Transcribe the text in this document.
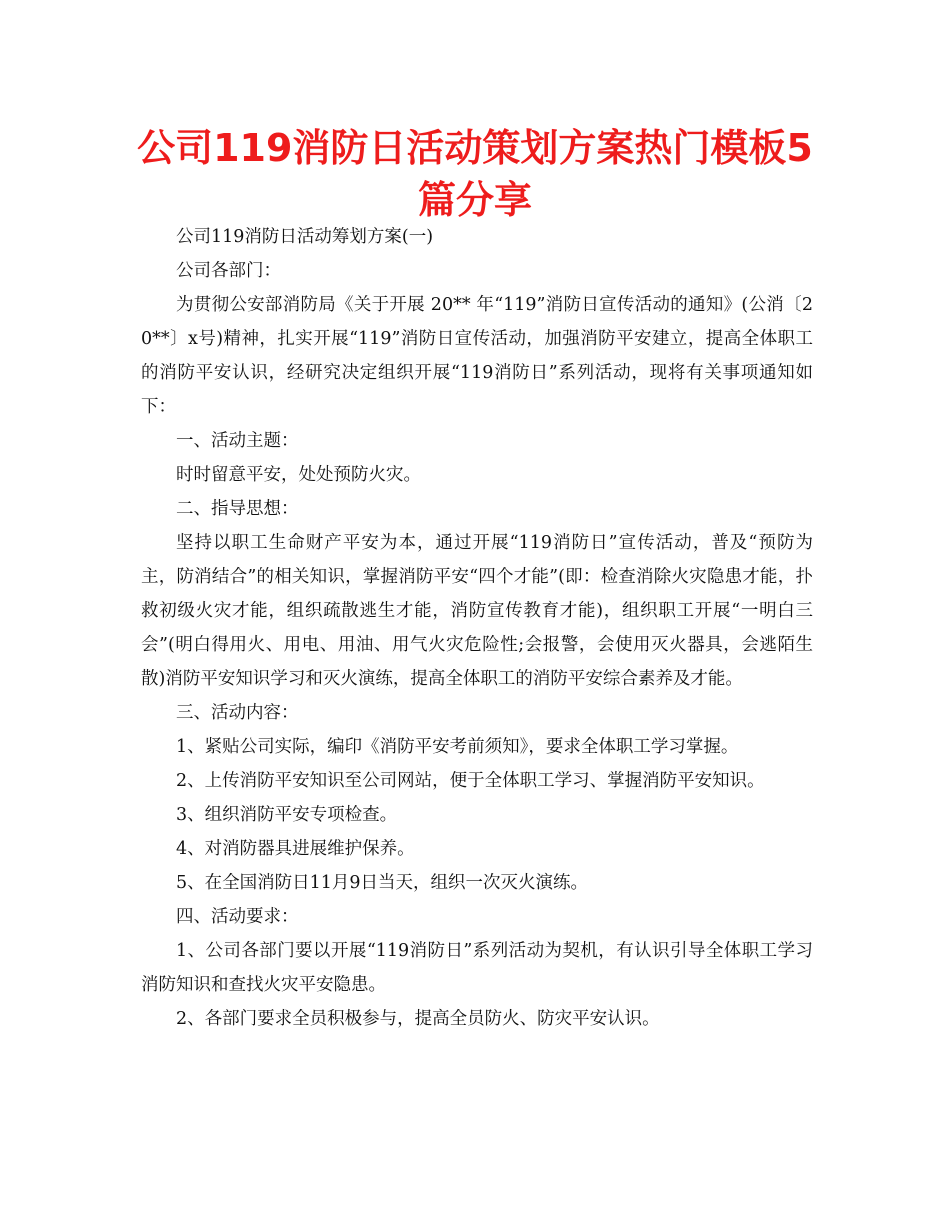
公司119消防日活动策划方案热门模板5篇分享

公司119消防日活动筹划方案(一)

公司各部门：

为贯彻公安部消防局《关于开展 20** 年“119”消防日宣传活动的通知》(公消〔20**〕x号)精神，扎实开展“119”消防日宣传活动，加强消防平安建立，提高全体职工的消防平安认识，经研究决定组织开展“119消防日”系列活动，现将有关事项通知如下：

一、活动主题：

时时留意平安，处处预防火灾。

二、指导思想：

坚持以职工生命财产平安为本，通过开展“119消防日”宣传活动，普及“预防为主，防消结合”的相关知识，掌握消防平安“四个才能”(即：检查消除火灾隐患才能，扑救初级火灾才能，组织疏散逃生才能，消防宣传教育才能)，组织职工开展“一明白三会”(明白得用火、用电、用油、用气火灾危险性;会报警，会使用灭火器具，会逃陌生散)消防平安知识学习和灭火演练，提高全体职工的消防平安综合素养及才能。

三、活动内容：

1、紧贴公司实际，编印《消防平安考前须知》，要求全体职工学习掌握。

2、上传消防平安知识至公司网站，便于全体职工学习、掌握消防平安知识。

3、组织消防平安专项检查。

4、对消防器具进展维护保养。

5、在全国消防日11月9日当天，组织一次灭火演练。

四、活动要求：

1、公司各部门要以开展“119消防日”系列活动为契机，有认识引导全体职工学习消防知识和查找火灾平安隐患。

2、各部门要求全员积极参与，提高全员防火、防灾平安认识。
